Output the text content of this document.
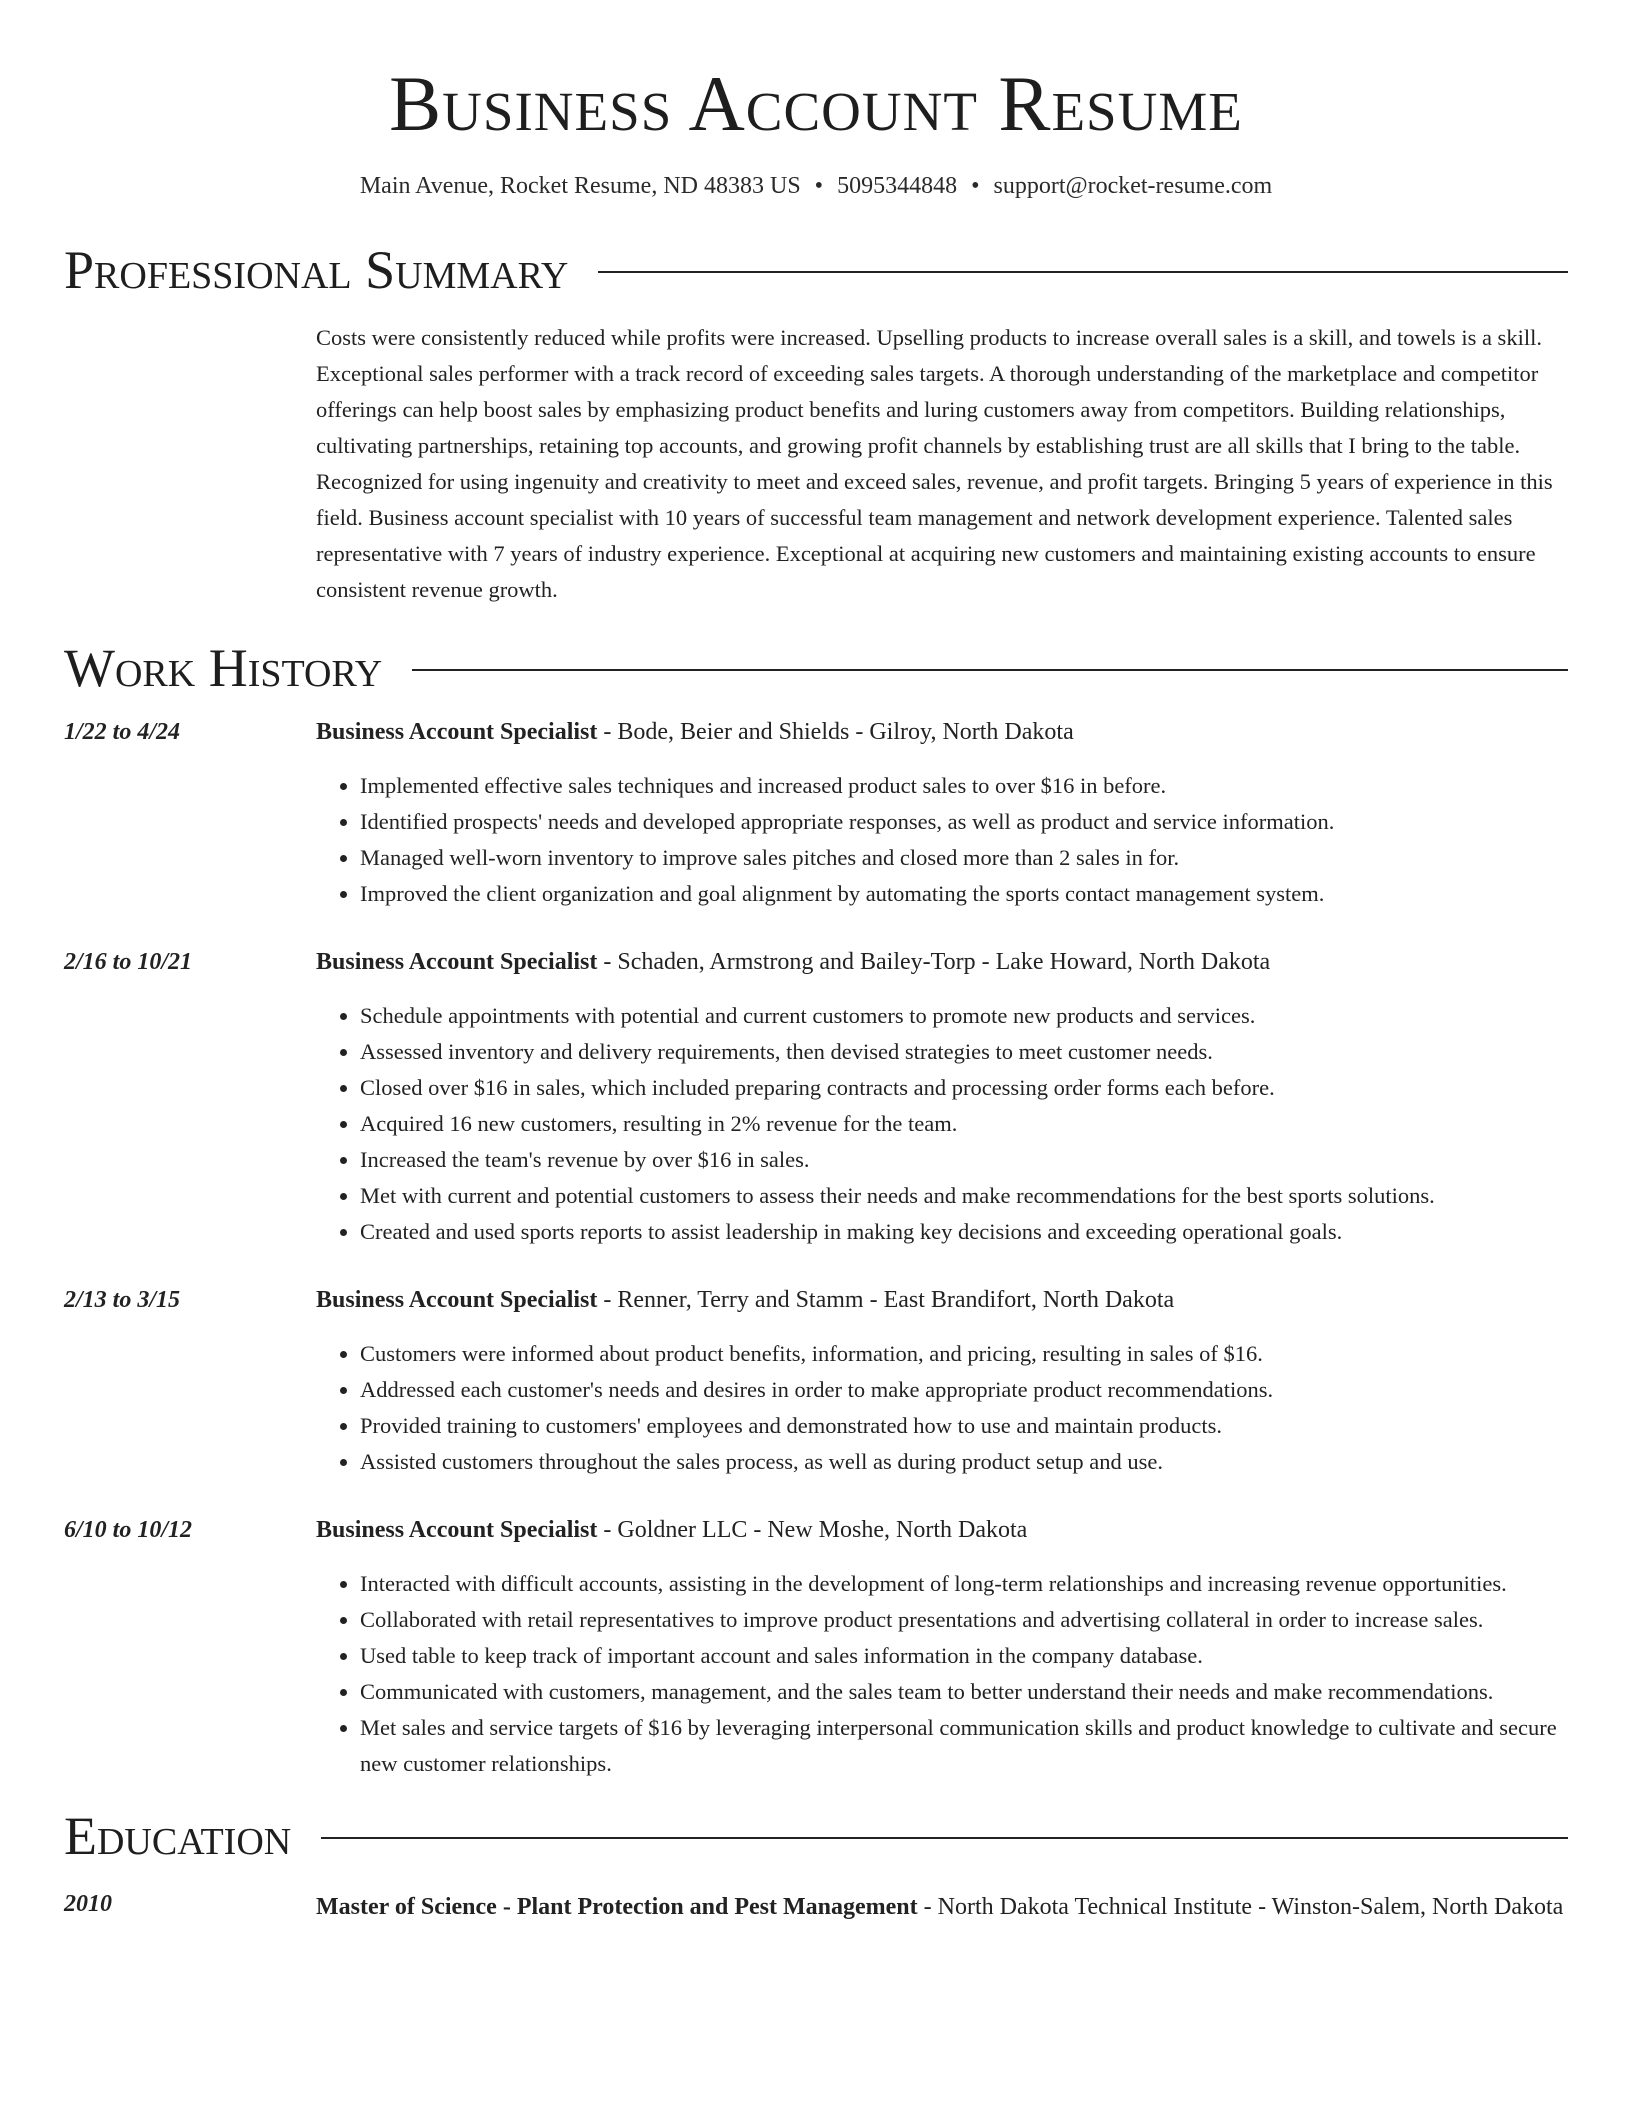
Business Account Resume
Main Avenue, Rocket Resume, ND 48383 US • 5095344848 • support@rocket-resume.com
Professional Summary

Costs were consistently reduced while profits were increased. Upselling products to increase overall sales is a skill, and towels is a skill. Exceptional sales performer with a track record of exceeding sales targets. A thorough understanding of the marketplace and competitor offerings can help boost sales by emphasizing product benefits and luring customers away from competitors. Building relationships, cultivating partnerships, retaining top accounts, and growing profit channels by establishing trust are all skills that I bring to the table. Recognized for using ingenuity and creativity to meet and exceed sales, revenue, and profit targets. Bringing 5 years of experience in this field. Business account specialist with 10 years of successful team management and network development experience. Talented sales representative with 7 years of industry experience. Exceptional at acquiring new customers and maintaining existing accounts to ensure consistent revenue growth.

Work History
1/22 to 4/24	Business Account Specialist - Bode, Beier and Shields - Gilroy, North Dakota
• Implemented effective sales techniques and increased product sales to over $16 in before.
• Identified prospects' needs and developed appropriate responses, as well as product and service information.
• Managed well-worn inventory to improve sales pitches and closed more than 2 sales in for.
• Improved the client organization and goal alignment by automating the sports contact management system.
2/16 to 10/21	Business Account Specialist - Schaden, Armstrong and Bailey-Torp - Lake Howard, North Dakota
• Schedule appointments with potential and current customers to promote new products and services.
• Assessed inventory and delivery requirements, then devised strategies to meet customer needs.
• Closed over $16 in sales, which included preparing contracts and processing order forms each before.
• Acquired 16 new customers, resulting in 2% revenue for the team.
• Increased the team's revenue by over $16 in sales.
• Met with current and potential customers to assess their needs and make recommendations for the best sports solutions.
• Created and used sports reports to assist leadership in making key decisions and exceeding operational goals.
2/13 to 3/15	Business Account Specialist - Renner, Terry and Stamm - East Brandifort, North Dakota
• Customers were informed about product benefits, information, and pricing, resulting in sales of $16.
• Addressed each customer's needs and desires in order to make appropriate product recommendations.
• Provided training to customers' employees and demonstrated how to use and maintain products.
• Assisted customers throughout the sales process, as well as during product setup and use.
6/10 to 10/12	Business Account Specialist - Goldner LLC - New Moshe, North Dakota
• Interacted with difficult accounts, assisting in the development of long-term relationships and increasing revenue opportunities.
• Collaborated with retail representatives to improve product presentations and advertising collateral in order to increase sales.
• Used table to keep track of important account and sales information in the company database.
• Communicated with customers, management, and the sales team to better understand their needs and make recommendations.
• Met sales and service targets of $16 by leveraging interpersonal communication skills and product knowledge to cultivate and secure new customer relationships.
Education
2010	Master of Science - Plant Protection and Pest Management - North Dakota Technical Institute - Winston-Salem, North Dakota
